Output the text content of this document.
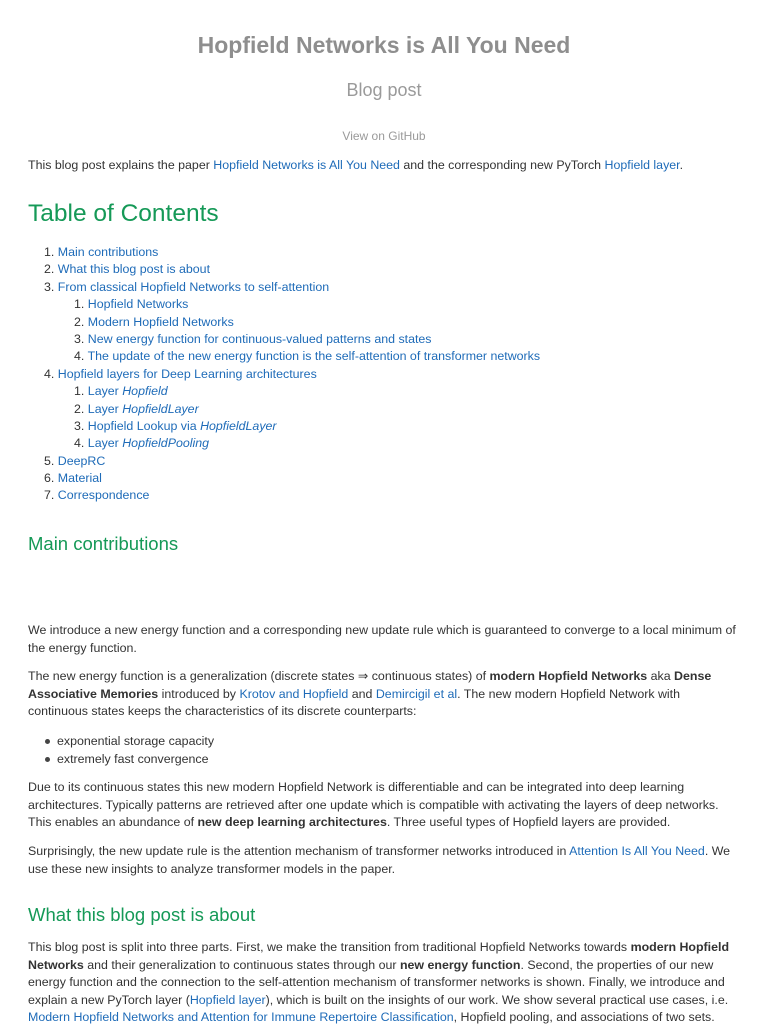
Hopfield Networks is All You Need
Blog post
View on GitHub
This blog post explains the paper Hopfield Networks is All You Need and the corresponding new PyTorch Hopfield layer.
Table of Contents
1. Main contributions
2. What this blog post is about
3. From classical Hopfield Networks to self-attention
1. Hopfield Networks
2. Modern Hopfield Networks
3. New energy function for continuous-valued patterns and states
4. The update of the new energy function is the self-attention of transformer networks
4. Hopfield layers for Deep Learning architectures
1. Layer Hopfield
2. Layer HopfieldLayer
3. Hopfield Lookup via HopfieldLayer
4. Layer HopfieldPooling
5. DeepRC
6. Material
7. Correspondence
Main contributions

We introduce a new energy function and a corresponding new update rule which is guaranteed to converge to a local minimum of the energy function.

The new energy function is a generalization (discrete states ⇒ continuous states) of modern Hopfield Networks aka Dense Associative Memories introduced by Krotov and Hopfield and Demircigil et al. The new modern Hopfield Network with continuous states keeps the characteristics of its discrete counterparts:

exponential storage capacity
extremely fast convergence

Due to its continuous states this new modern Hopfield Network is differentiable and can be integrated into deep learning architectures. Typically patterns are retrieved after one update which is compatible with activating the layers of deep networks. This enables an abundance of new deep learning architectures. Three useful types of Hopfield layers are provided.

Surprisingly, the new update rule is the attention mechanism of transformer networks introduced in Attention Is All You Need. We use these new insights to analyze transformer models in the paper.

What this blog post is about

This blog post is split into three parts. First, we make the transition from traditional Hopfield Networks towards modern Hopfield Networks and their generalization to continuous states through our new energy function. Second, the properties of our new energy function and the connection to the self-attention mechanism of transformer networks is shown. Finally, we introduce and explain a new PyTorch layer (Hopfield layer), which is built on the insights of our work. We show several practical use cases, i.e. Modern Hopfield Networks and Attention for Immune Repertoire Classification, Hopfield pooling, and associations of two sets.
